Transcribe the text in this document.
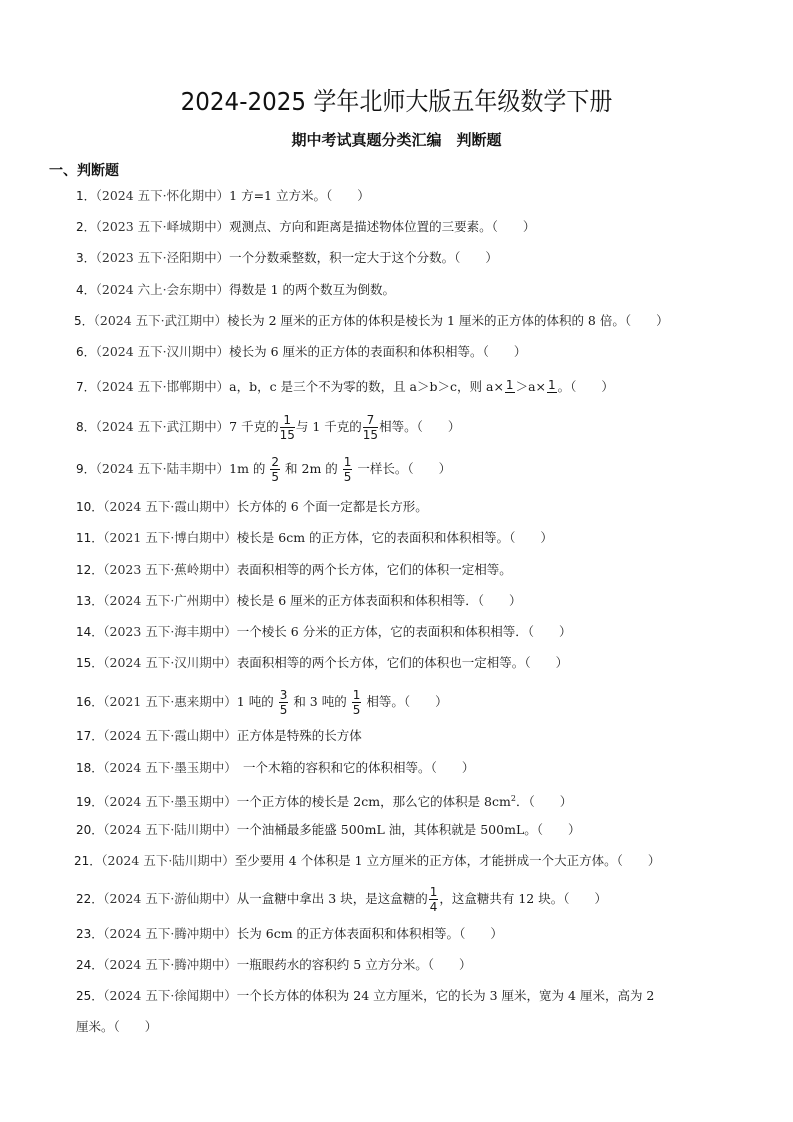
2024-2025 学年北师大版五年级数学下册
期中考试真题分类汇编　判断题
一、判断题
1．（2024 五下·怀化期中）1 方=1 立方米。（　　）
2．（2023 五下·峄城期中）观测点、方向和距离是描述物体位置的三要素。（　　）
3．（2023 五下·泾阳期中）一个分数乘整数，积一定大于这个分数。（　　）
4．（2024 六上·会东期中）得数是 1 的两个数互为倒数。
5．（2024 五下·武江期中）棱长为 2 厘米的正方体的体积是棱长为 1 厘米的正方体的体积的 8 倍。（　　）
6．（2024 五下·汉川期中）棱长为 6 厘米的正方体的表面积和体积相等。（　　）
7．（2024 五下·邯郸期中）a，b，c 是三个不为零的数，且 a＞b＞c，则 a× 1 ＞a× 1 。（　　）
8．（2024 五下·武江期中）7 千克的 $\frac{1}{15}$ 与 1 千克的 $\frac{7}{15}$ 相等。（　　）
9．（2024 五下·陆丰期中）1m 的 $\frac{2}{5}$ 和 2m 的 $\frac{1}{5}$ 一样长。（　　）
10．（2024 五下·霞山期中）长方体的 6 个面一定都是长方形。
11．（2021 五下·博白期中）棱长是 6cm 的正方体，它的表面积和体积相等。（　　）
12．（2023 五下·蕉岭期中）表面积相等的两个长方体，它们的体积一定相等。
13．（2024 五下·广州期中）棱长是 6 厘米的正方体表面积和体积相等．（　　）
14．（2023 五下·海丰期中）一个棱长 6 分米的正方体，它的表面积和体积相等．（　　）
15．（2024 五下·汉川期中）表面积相等的两个长方体，它们的体积也一定相等。（　　）
16．（2021 五下·惠来期中）1 吨的 $\frac{3}{5}$ 和 3 吨的 $\frac{1}{5}$ 相等。（　　）
17．（2024 五下·霞山期中）正方体是特殊的长方体
18．（2024 五下·墨玉期中）　一个木箱的容积和它的体积相等。（　　）
19．（2024 五下·墨玉期中）一个正方体的棱长是 2cm，那么它的体积是 $8cm^2$．（　　）
20．（2024 五下·陆川期中）一个油桶最多能盛 500mL 油，其体积就是 500mL。（　　）
21．（2024 五下·陆川期中）至少要用 4 个体积是 1 立方厘米的正方体，才能拼成一个大正方体。（　　）
22．（2024 五下·游仙期中）从一盒糖中拿出 3 块，是这盒糖的 $\frac{1}{4}$ ，这盒糖共有 12 块。（　　）
23．（2024 五下·腾冲期中）长为 6cm 的正方体表面积和体积相等。（　　）
24．（2024 五下·腾冲期中）一瓶眼药水的容积约 5 立方分米。（　　）
25．（2024 五下·徐闻期中）一个长方体的体积为 24 立方厘米，它的长为 3 厘米，宽为 4 厘米，高为 2
厘米。（　　）
